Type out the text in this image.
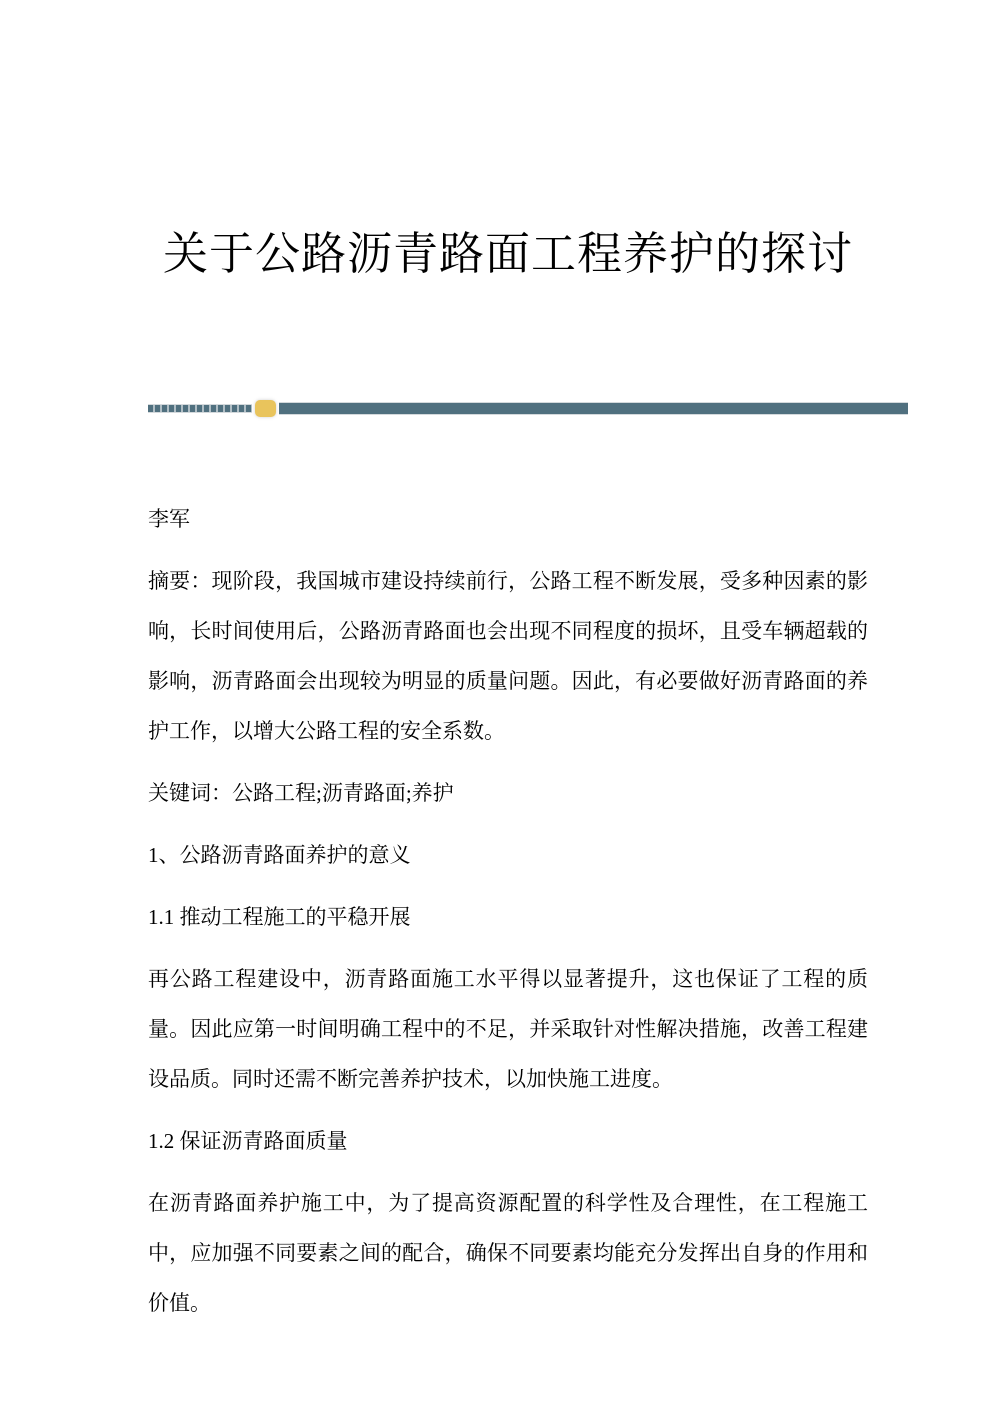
关于公路沥青路面工程养护的探讨

李军

摘要：现阶段，我国城市建设持续前行，公路工程不断发展，受多种因素的影响，长时间使用后，公路沥青路面也会出现不同程度的损坏，且受车辆超载的影响，沥青路面会出现较为明显的质量问题。因此，有必要做好沥青路面的养护工作，以增大公路工程的安全系数。

关键词：公路工程;沥青路面;养护

1、公路沥青路面养护的意义

1.1 推动工程施工的平稳开展

再公路工程建设中，沥青路面施工水平得以显著提升，这也保证了工程的质量。因此应第一时间明确工程中的不足，并采取针对性解决措施，改善工程建设品质。同时还需不断完善养护技术，以加快施工进度。

1.2 保证沥青路面质量

在沥青路面养护施工中，为了提高资源配置的科学性及合理性，在工程施工中，应加强不同要素之间的配合，确保不同要素均能充分发挥出自身的作用和价值。
